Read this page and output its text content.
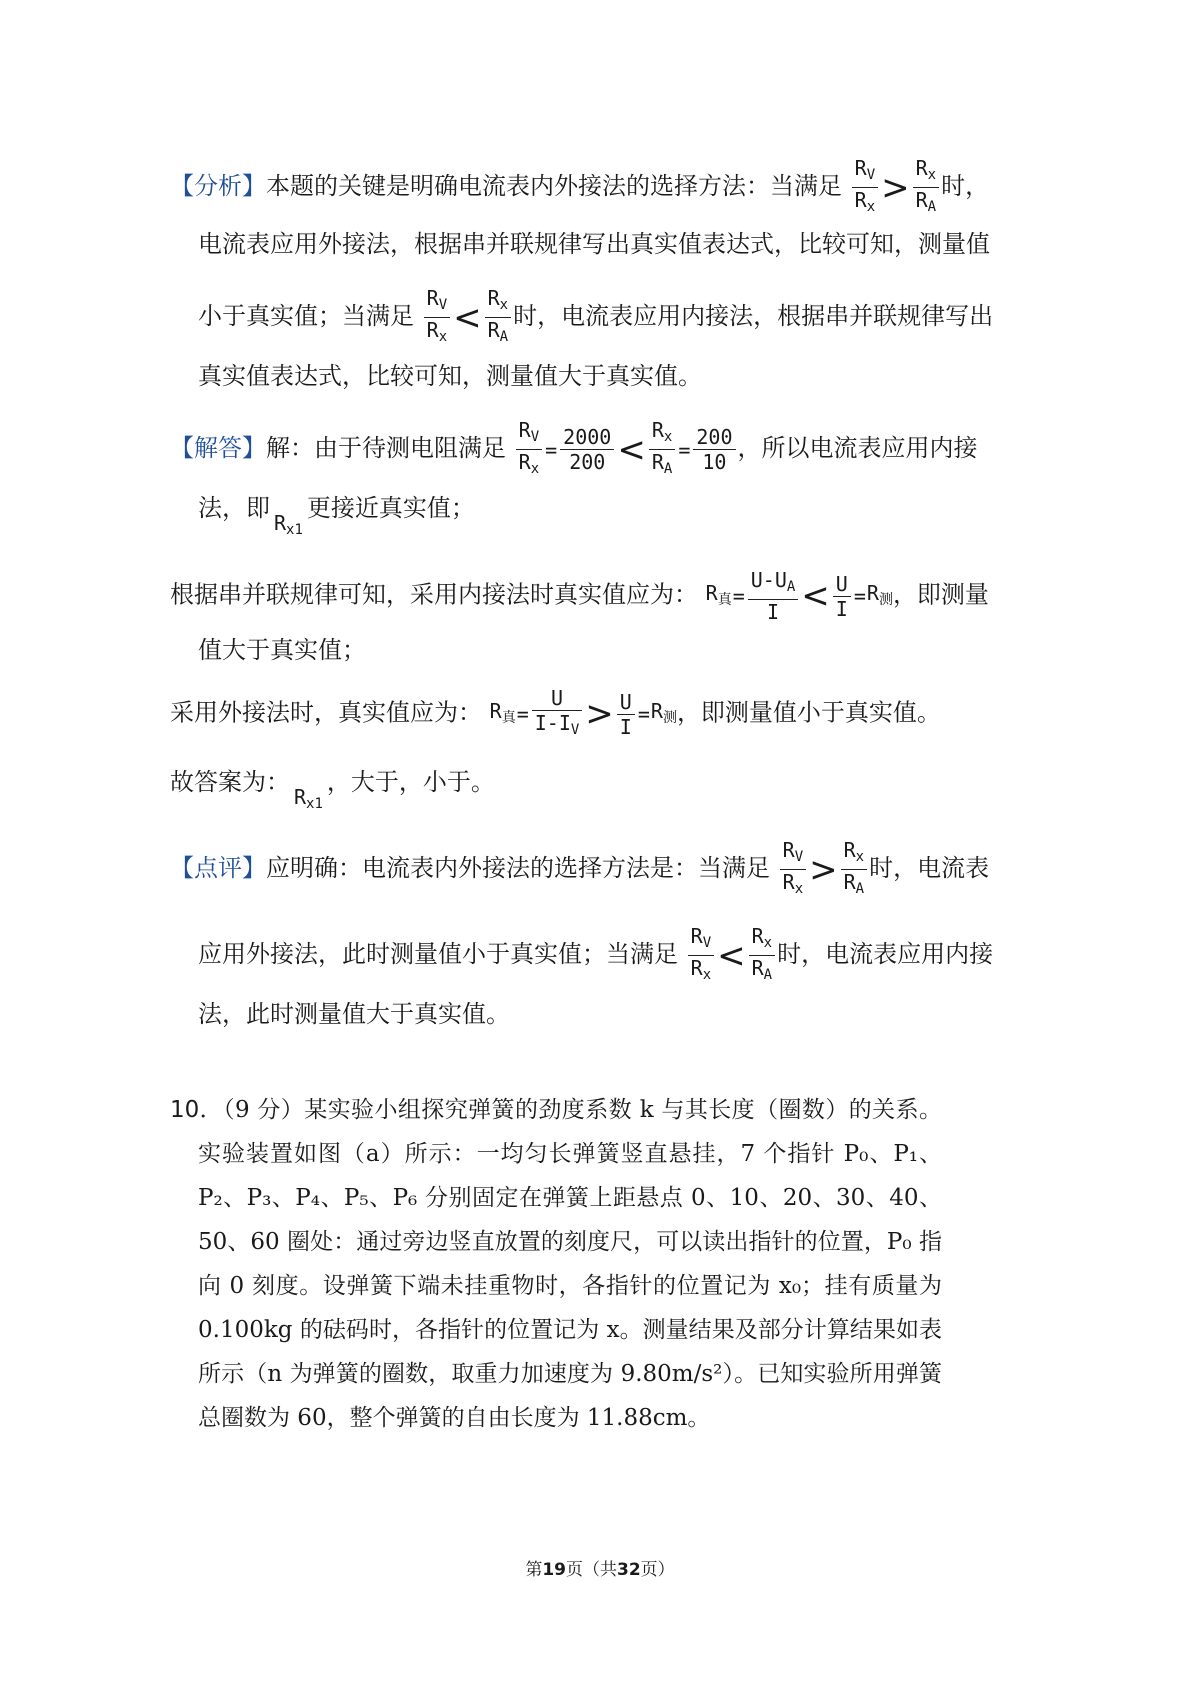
【分析】本题的关键是明确电流表内外接法的选择方法：当满足 $\frac{R_V}{R_x} > \frac{R_x}{R_A}$ 时，
电流表应用外接法，根据串并联规律写出真实值表达式，比较可知，测量值
小于真实值；当满足 $\frac{R_V}{R_x} < \frac{R_x}{R_A}$ 时，电流表应用内接法，根据串并联规律写出
真实值表达式，比较可知，测量值大于真实值。
【解答】解：由于待测电阻满足 $\frac{R_V}{R_x} = \frac{2000}{200} < \frac{R_x}{R_A} = \frac{200}{10}$ ，所以电流表应用内接
法，即$_{R_{x1}}$更接近真实值；
根据串并联规律可知，采用内接法时真实值应为： $R_真= \frac{U-U_A}{I} < \frac{U}{I} =R_测$，即测量
值大于真实值；
采用外接法时，真实值应为： $R_真= \frac{U}{I-I_V} > \frac{U}{I} =R_测$，即测量值小于真实值。
故答案为：$_{R_{x1}}$，大于，小于。
【点评】应明确：电流表内外接法的选择方法是：当满足 $\frac{R_V}{R_x} > \frac{R_x}{R_A}$ 时，电流表
应用外接法，此时测量值小于真实值；当满足 $\frac{R_V}{R_x} < \frac{R_x}{R_A}$ 时，电流表应用内接
法，此时测量值大于真实值。
10．（9 分）某实验小组探究弹簧的劲度系数 k 与其长度（圈数）的关系。实验装置如图（a）所示：一均匀长弹簧竖直悬挂，7 个指针 P₀、P₁、P₂、P₃、P₄、P₅、P₆ 分别固定在弹簧上距悬点 0、10、20、30、40、50、60 圈处：通过旁边竖直放置的刻度尺，可以读出指针的位置，P₀ 指向 0 刻度。设弹簧下端未挂重物时，各指针的位置记为 x₀；挂有质量为 0.100kg 的砝码时，各指针的位置记为 x。测量结果及部分计算结果如表所示（n 为弹簧的圈数，取重力加速度为 9.80m/s²）。已知实验所用弹簧总圈数为 60，整个弹簧的自由长度为 11.88cm。
第19页（共32页）
